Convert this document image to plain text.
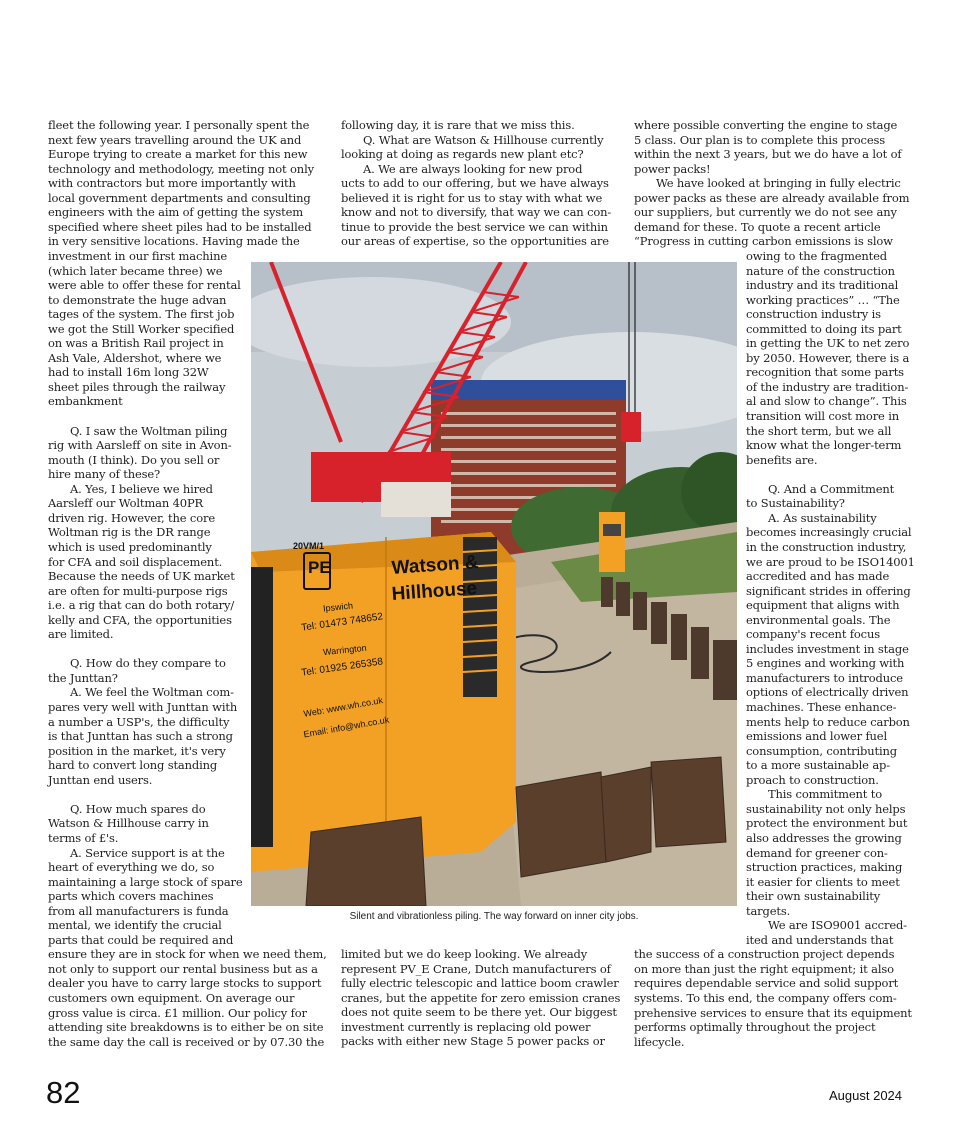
fleet the following year. I personally spent the
next few years travelling around the UK and
Europe trying to create a market for this new
technology and methodology, meeting not only
with contractors but more importantly with
local government departments and consulting
engineers with the aim of getting the system
specified where sheet piles had to be installed
in very sensitive locations. Having made the
investment in our first machine
(which later became three) we
were able to offer these for rental
to demonstrate the huge advan
tages of the system. The first job
we got the Still Worker specified
on was a British Rail project in
Ash Vale, Aldershot, where we
had to install 16m long 32W
sheet piles through the railway
embankment
Q. I saw the Woltman piling
rig with Aarsleff on site in Avon-
mouth (I think). Do you sell or
hire many of these?
A. Yes, I believe we hired
Aarsleff our Woltman 40PR
driven rig. However, the core
Woltman rig is the DR range
which is used predominantly
for CFA and soil displacement.
Because the needs of UK market
are often for multi-purpose rigs
i.e. a rig that can do both rotary/
kelly and CFA, the opportunities
are limited.
Q. How do they compare to
the Junttan?
A. We feel the Woltman com-
pares very well with Junttan with
a number a USP's, the difficulty
is that Junttan has such a strong
position in the market, it's very
hard to convert long standing
Junttan end users.
Q. How much spares do
Watson & Hillhouse carry in
terms of £'s.
A. Service support is at the
heart of everything we do, so
maintaining a large stock of spare
parts which covers machines
from all manufacturers is funda
mental, we identify the crucial
parts that could be required and
ensure they are in stock for when we need them,
not only to support our rental business but as a
dealer you have to carry large stocks to support
customers own equipment. On average our
gross value is circa. £1 million. Our policy for
attending site breakdowns is to either be on site
the same day the call is received or by 07.30 the
following day, it is rare that we miss this.
Q. What are Watson & Hillhouse currently
looking at doing as regards new plant etc?
A. We are always looking for new prod
ucts to add to our offering, but we have always
believed it is right for us to stay with what we
know and not to diversify, that way we can con-
tinue to provide the best service we can within
our areas of expertise, so the opportunities are
limited but we do keep looking. We already
represent PV_E Crane, Dutch manufacturers of
fully electric telescopic and lattice boom crawler
cranes, but the appetite for zero emission cranes
does not quite seem to be there yet. Our biggest
investment currently is replacing old power
packs with either new Stage 5 power packs or
where possible converting the engine to stage
5 class. Our plan is to complete this process
within the next 3 years, but we do have a lot of
power packs!
We have looked at bringing in fully electric
power packs as these are already available from
our suppliers, but currently we do not see any
demand for these. To quote a recent article
“Progress in cutting carbon emissions is slow
owing to the fragmented
nature of the construction
industry and its traditional
working practices” … “The
construction industry is
committed to doing its part
in getting the UK to net zero
by 2050. However, there is a
recognition that some parts
of the industry are tradition-
al and slow to change”. This
transition will cost more in
the short term, but we all
know what the longer-term
benefits are.
Q. And a Commitment
to Sustainability?
A. As sustainability
becomes increasingly crucial
in the construction industry,
we are proud to be ISO14001
accredited and has made
significant strides in offering
equipment that aligns with
environmental goals. The
company's recent focus
includes investment in stage
5 engines and working with
manufacturers to introduce
options of electrically driven
machines. These enhance-
ments help to reduce carbon
emissions and lower fuel
consumption, contributing
to a more sustainable ap-
proach to construction.
This commitment to
sustainability not only helps
protect the environment but
also addresses the growing
demand for greener con-
struction practices, making
it easier for clients to meet
their own sustainability
targets.
We are ISO9001 accred-
ited and understands that
the success of a construction project depends
on more than just the right equipment; it also
requires dependable service and solid support
systems. To this end, the company offers com-
prehensive services to ensure that its equipment
performs optimally throughout the project
lifecycle.
20VM/1
PE	Watson &
Hillhouse
Ipswich
Tel: 01473 748652
Warrington
Tel: 01925 265358
Web: www.wh.co.uk
Email: info@wh.co.uk
Silent and vibrationless piling. The way forward on inner city jobs.
82	August 2024
